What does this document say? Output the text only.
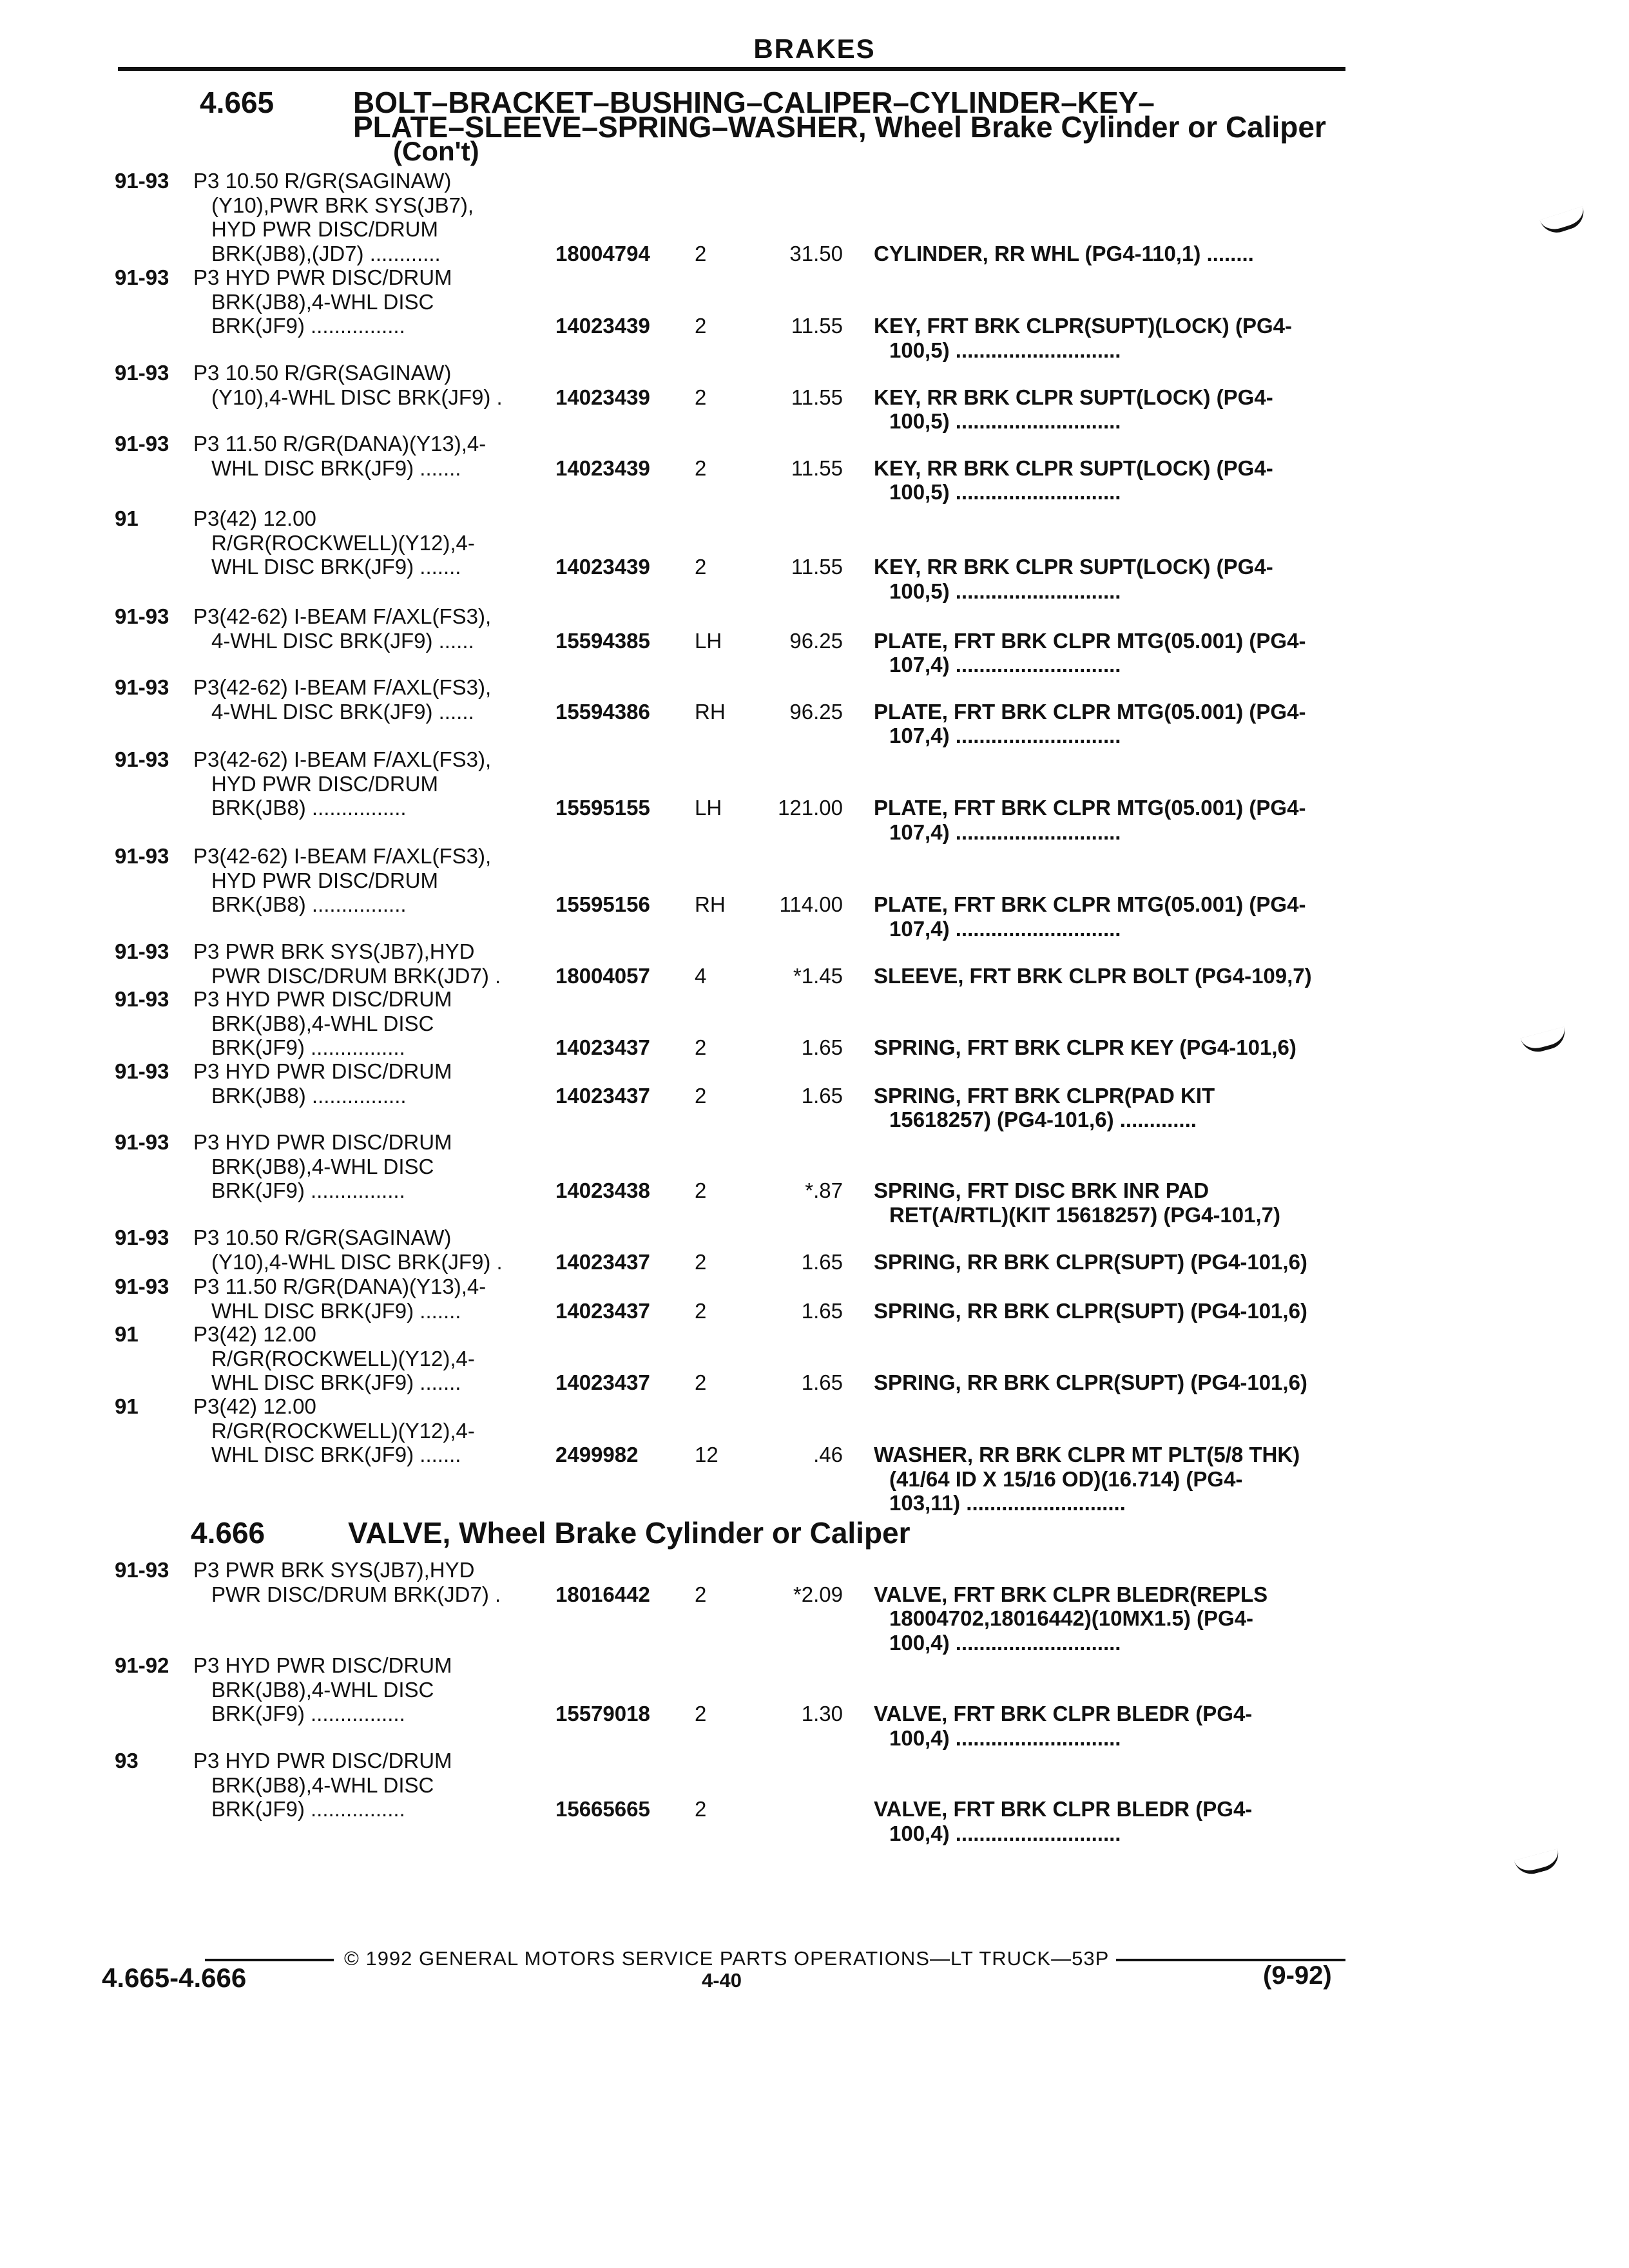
BRAKES
4.665	BOLT–BRACKET–BUSHING–CALIPER–CYLINDER–KEY–
PLATE–SLEEVE–SPRING–WASHER, Wheel Brake Cylinder or Caliper
(Con't)
4.666	VALVE, Wheel Brake Cylinder or Caliper
91-93 P3 10.50 R/GR(SAGINAW)
(Y10),PWR BRK SYS(JB7),
HYD PWR DISC/DRUM
BRK(JB8),(JD7) ............	18004794 2	31.50 CYLINDER, RR WHL (PG4-110,1) ........
91-93 P3 HYD PWR DISC/DRUM
BRK(JB8),4-WHL DISC
BRK(JF9) ................	14023439 2	11.55 KEY, FRT BRK CLPR(SUPT)(LOCK) (PG4-
100,5) ............................
91-93 P3 10.50 R/GR(SAGINAW)
(Y10),4-WHL DISC BRK(JF9) . 14023439 2	11.55 KEY, RR BRK CLPR SUPT(LOCK) (PG4-
100,5) ............................
91-93 P3 11.50 R/GR(DANA)(Y13),4-
WHL DISC BRK(JF9) .......	14023439 2	11.55 KEY, RR BRK CLPR SUPT(LOCK) (PG4-
100,5) ............................
91	P3(42) 12.00
R/GR(ROCKWELL)(Y12),4-
WHL DISC BRK(JF9) .......	14023439 2	11.55 KEY, RR BRK CLPR SUPT(LOCK) (PG4-
100,5) ............................
91-93 P3(42-62) I-BEAM F/AXL(FS3),
4-WHL DISC BRK(JF9) ......	15594385 LH	96.25 PLATE, FRT BRK CLPR MTG(05.001) (PG4-
107,4) ............................
91-93 P3(42-62) I-BEAM F/AXL(FS3),
4-WHL DISC BRK(JF9) ......	15594386 RH	96.25 PLATE, FRT BRK CLPR MTG(05.001) (PG4-
107,4) ............................
91-93 P3(42-62) I-BEAM F/AXL(FS3),
HYD PWR DISC/DRUM
BRK(JB8) ................	15595155 LH	121.00 PLATE, FRT BRK CLPR MTG(05.001) (PG4-
107,4) ............................
91-93 P3(42-62) I-BEAM F/AXL(FS3),
HYD PWR DISC/DRUM
BRK(JB8) ................	15595156 RH	114.00 PLATE, FRT BRK CLPR MTG(05.001) (PG4-
107,4) ............................
91-93 P3 PWR BRK SYS(JB7),HYD
PWR DISC/DRUM BRK(JD7) .	18004057 4	*1.45 SLEEVE, FRT BRK CLPR BOLT (PG4-109,7)
91-93 P3 HYD PWR DISC/DRUM
BRK(JB8),4-WHL DISC
BRK(JF9) ................	14023437 2	1.65 SPRING, FRT BRK CLPR KEY (PG4-101,6)
91-93 P3 HYD PWR DISC/DRUM
BRK(JB8) ................	14023437 2	1.65 SPRING, FRT BRK CLPR(PAD KIT
15618257) (PG4-101,6) .............
91-93 P3 HYD PWR DISC/DRUM
BRK(JB8),4-WHL DISC
BRK(JF9) ................	14023438 2	*.87 SPRING, FRT DISC BRK INR PAD
RET(A/RTL)(KIT 15618257) (PG4-101,7)
91-93 P3 10.50 R/GR(SAGINAW)
(Y10),4-WHL DISC BRK(JF9) . 14023437 2	1.65 SPRING, RR BRK CLPR(SUPT) (PG4-101,6)
91-93 P3 11.50 R/GR(DANA)(Y13),4-
WHL DISC BRK(JF9) .......	14023437 2	1.65 SPRING, RR BRK CLPR(SUPT) (PG4-101,6)
91	P3(42) 12.00
R/GR(ROCKWELL)(Y12),4-
WHL DISC BRK(JF9) .......	14023437 2	1.65 SPRING, RR BRK CLPR(SUPT) (PG4-101,6)
91	P3(42) 12.00
R/GR(ROCKWELL)(Y12),4-
WHL DISC BRK(JF9) .......	2499982	12	.46 WASHER, RR BRK CLPR MT PLT(5/8 THK)
(41/64 ID X 15/16 OD)(16.714) (PG4-
103,11) ...........................
91-93 P3 PWR BRK SYS(JB7),HYD
PWR DISC/DRUM BRK(JD7) .	18016442 2	*2.09 VALVE, FRT BRK CLPR BLEDR(REPLS
18004702,18016442)(10MX1.5) (PG4-
100,4) ............................
91-92 P3 HYD PWR DISC/DRUM
BRK(JB8),4-WHL DISC
BRK(JF9) ................	15579018 2	1.30 VALVE, FRT BRK CLPR BLEDR (PG4-
100,4) ............................
93	P3 HYD PWR DISC/DRUM
BRK(JB8),4-WHL DISC
BRK(JF9) ................	15665665 2	VALVE, FRT BRK CLPR BLEDR (PG4-
100,4) ............................
© 1992 GENERAL MOTORS SERVICE PARTS OPERATIONS—LT TRUCK—53P
4.665-4.666	4-40	(9-92)
